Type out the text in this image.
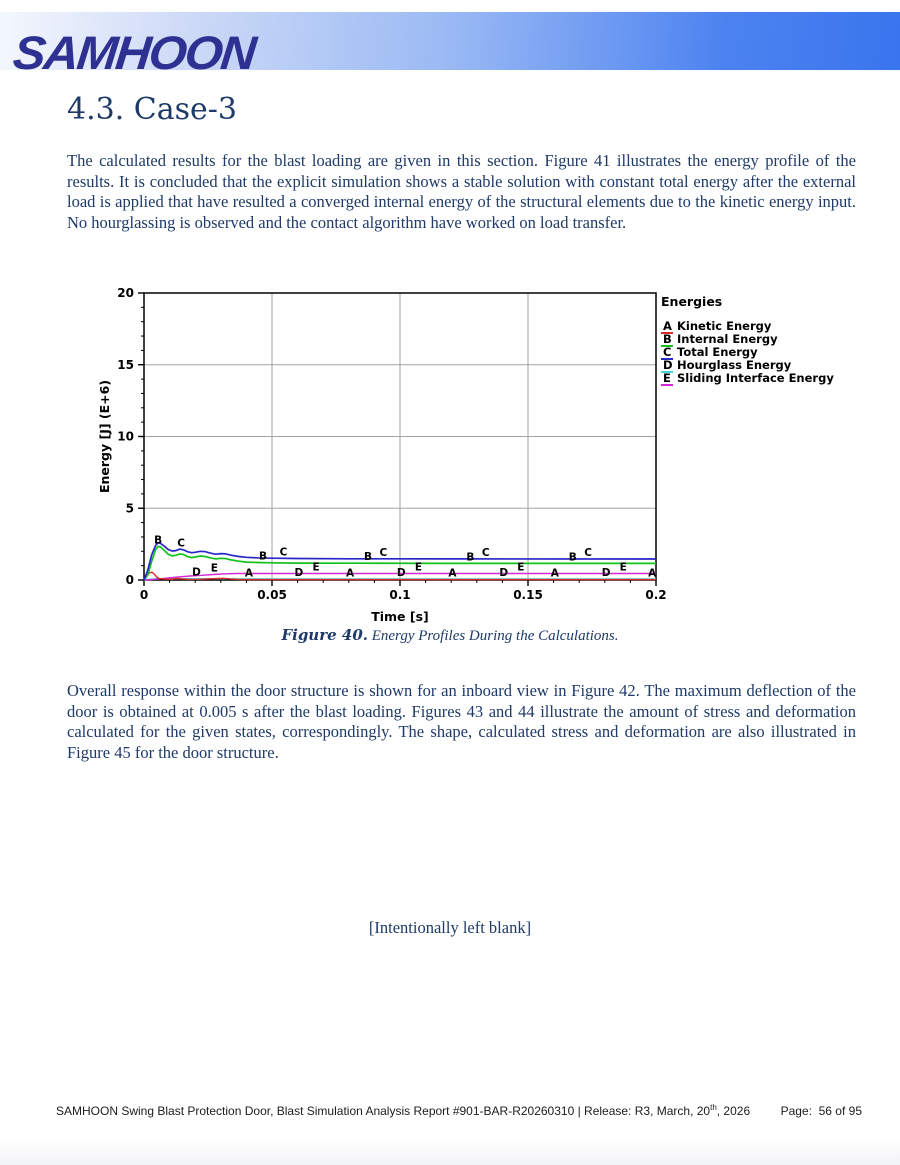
SAMHOON
4.3. Case-3

The calculated results for the blast loading are given in this section. Figure 41 illustrates the energy profile of the results. It is concluded that the explicit simulation shows a stable solution with constant total energy after the external load is applied that have resulted a converged internal energy of the structural elements due to the kinetic energy input. No hourglassing is observed and the contact algorithm have worked on load transfer.

D	D	D	D	D
E	E	E	E	E
A	A	A	A	A
B
B	B	B	B
C
C	C	C	C
0	0.05	0.1	0.15	0.2
0
5
10
15
20
Time [s]
Energy [J] (E+6)
Energies
A Kinetic Energy
B Internal Energy
C Total Energy
D Hourglass Energy
E Sliding Interface Energy
Figure 40. Energy Profiles During the Calculations.

Overall response within the door structure is shown for an inboard view in Figure 42. The maximum deflection of the door is obtained at 0.005 s after the blast loading. Figures 43 and 44 illustrate the amount of stress and deformation calculated for the given states, correspondingly. The shape, calculated stress and deformation are also illustrated in Figure 45 for the door structure.

[Intentionally left blank]
SAMHOON Swing Blast Protection Door, Blast Simulation Analysis Report #901-BAR-R20260310 | Release: R3, March, 20th, 2026	Page:  56 of 95
